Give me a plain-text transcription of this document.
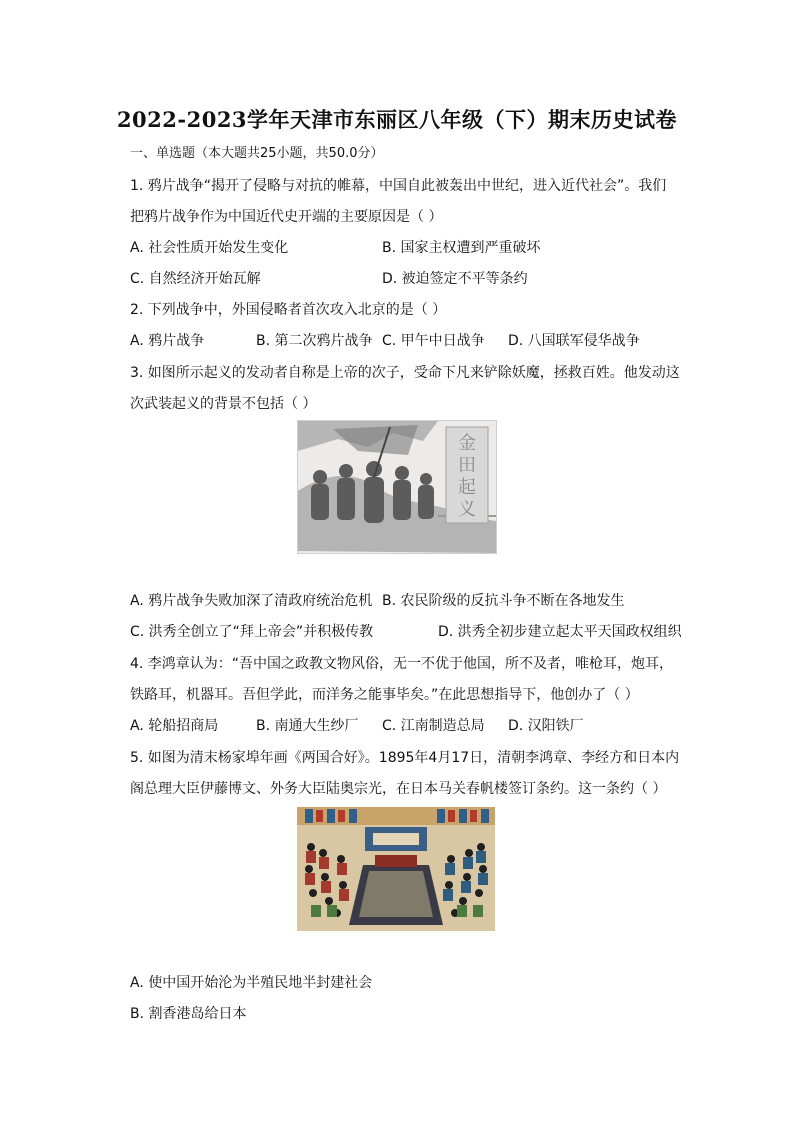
2022-2023学年天津市东丽区八年级（下）期末历史试卷
一、单选题（本大题共25小题，共50.0分）
1. 鸦片战争“揭开了侵略与对抗的帷幕，中国自此被轰出中世纪，进入近代社会”。我们
把鸦片战争作为中国近代史开端的主要原因是（ ）
A. 社会性质开始发生变化	B. 国家主权遭到严重破坏
C. 自然经济开始瓦解	D. 被迫签定不平等条约
2. 下列战争中，外国侵略者首次攻入北京的是（ ）
A. 鸦片战争	B. 第二次鸦片战争 C. 甲午中日战争 D. 八国联军侵华战争
3. 如图所示起义的发动者自称是上帝的次子，受命下凡来铲除妖魔，拯救百姓。他发动这
次武装起义的背景不包括（ ）
金
田
起
义
A. 鸦片战争失败加深了清政府统治危机 B. 农民阶级的反抗斗争不断在各地发生
C. 洪秀全创立了“拜上帝会”并积极传教	D. 洪秀全初步建立起太平天国政权组织
4. 李鸿章认为：“吾中国之政教文物风俗，无一不优于他国，所不及者，唯枪耳，炮耳，
铁路耳，机器耳。吾但学此，而洋务之能事毕矣。”在此思想指导下，他创办了（ ）
A. 轮船招商局	B. 南通大生纱厂 C. 江南制造总局 D. 汉阳铁厂
5. 如图为清末杨家埠年画《两国合好》。1895年4月17日，清朝李鸿章、李经方和日本内
阁总理大臣伊藤博文、外务大臣陆奥宗光，在日本马关春帆楼签订条约。这一条约（ ）
A. 使中国开始沦为半殖民地半封建社会
B. 割香港岛给日本
